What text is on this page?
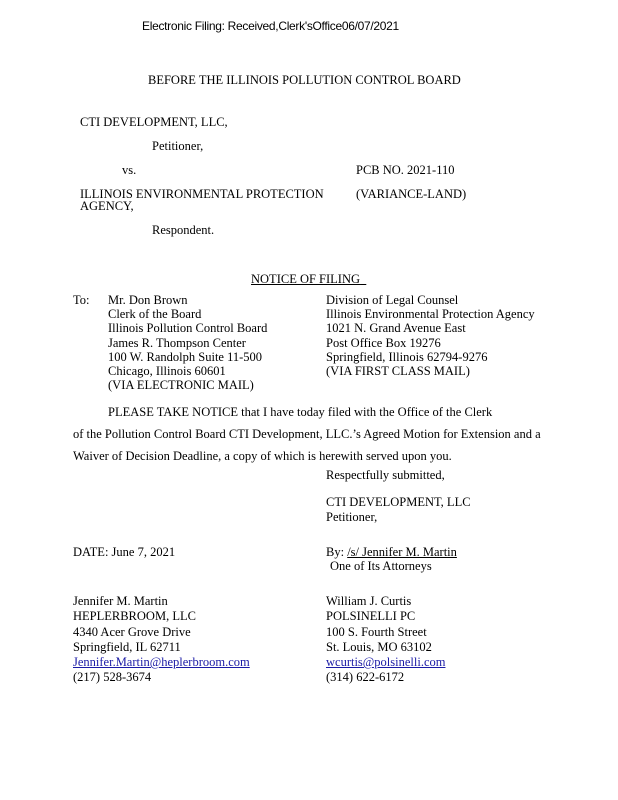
Electronic Filing: Received,Clerk'sOffice06/07/2021
BEFORE THE ILLINOIS POLLUTION CONTROL BOARD
CTI DEVELOPMENT, LLC,
Petitioner,
vs.	PCB NO. 2021-110
ILLINOIS ENVIRONMENTAL PROTECTION
AGENCY,
(VARIANCE-LAND)
Respondent.
NOTICE OF FILING
To: Mr. Don Brown
Clerk of the Board
Illinois Pollution Control Board
James R. Thompson Center
100 W. Randolph Suite 11-500
Chicago, Illinois 60601
(VIA ELECTRONIC MAIL)
Division of Legal Counsel
Illinois Environmental Protection Agency
1021 N. Grand Avenue East
Post Office Box 19276
Springfield, Illinois 62794-9276
(VIA FIRST CLASS MAIL)
PLEASE TAKE NOTICE that I have today filed with the Office of the Clerk
of the Pollution Control Board CTI Development, LLC.’s Agreed Motion for Extension and a
Waiver of Decision Deadline, a copy of which is herewith served upon you.
Respectfully submitted,
CTI DEVELOPMENT, LLC
Petitioner,
DATE: June 7, 2021	By: /s/ Jennifer M. Martin
One of Its Attorneys
Jennifer M. Martin
HEPLERBROOM, LLC
4340 Acer Grove Drive
Springfield, IL 62711
Jennifer.Martin@heplerbroom.com
(217) 528-3674
William J. Curtis
POLSINELLI PC
100 S. Fourth Street
St. Louis, MO 63102
wcurtis@polsinelli.com
(314) 622-6172
